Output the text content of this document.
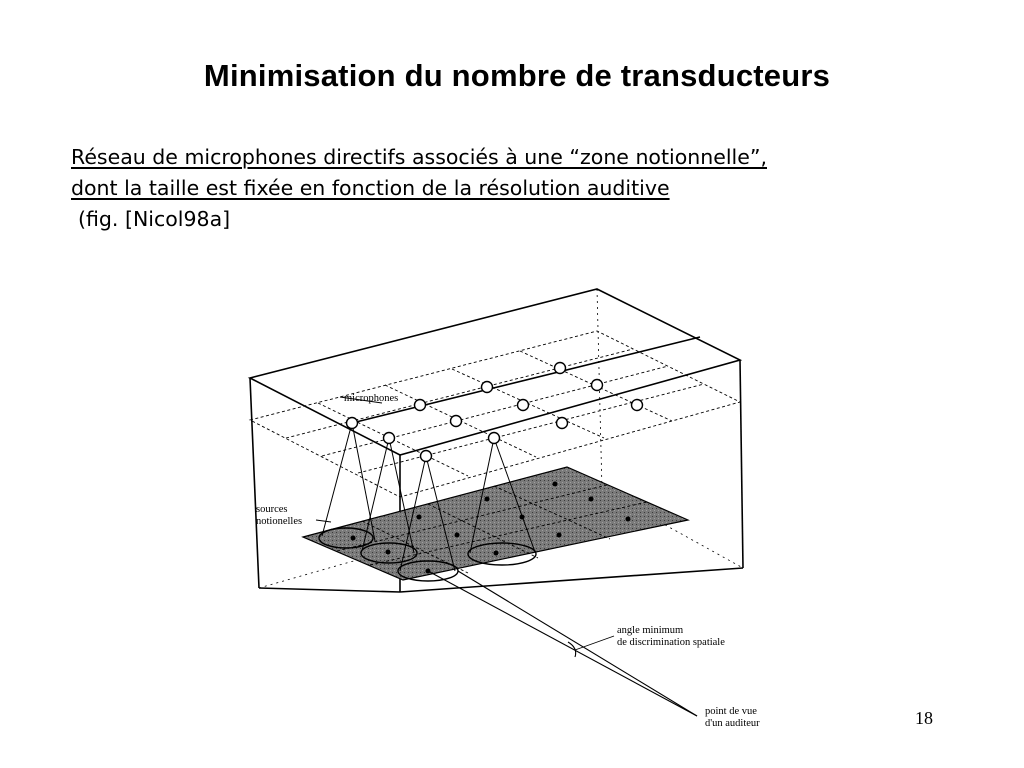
Minimisation du nombre de transducteurs
Réseau de microphones directifs associés à une “zone notionnelle”,
dont la taille est fixée en fonction de la résolution auditive
(fig. [Nicol98a]
microphones
sources
notionelles
angle minimum
de discrimination spatiale
point de vue
d'un auditeur	18
